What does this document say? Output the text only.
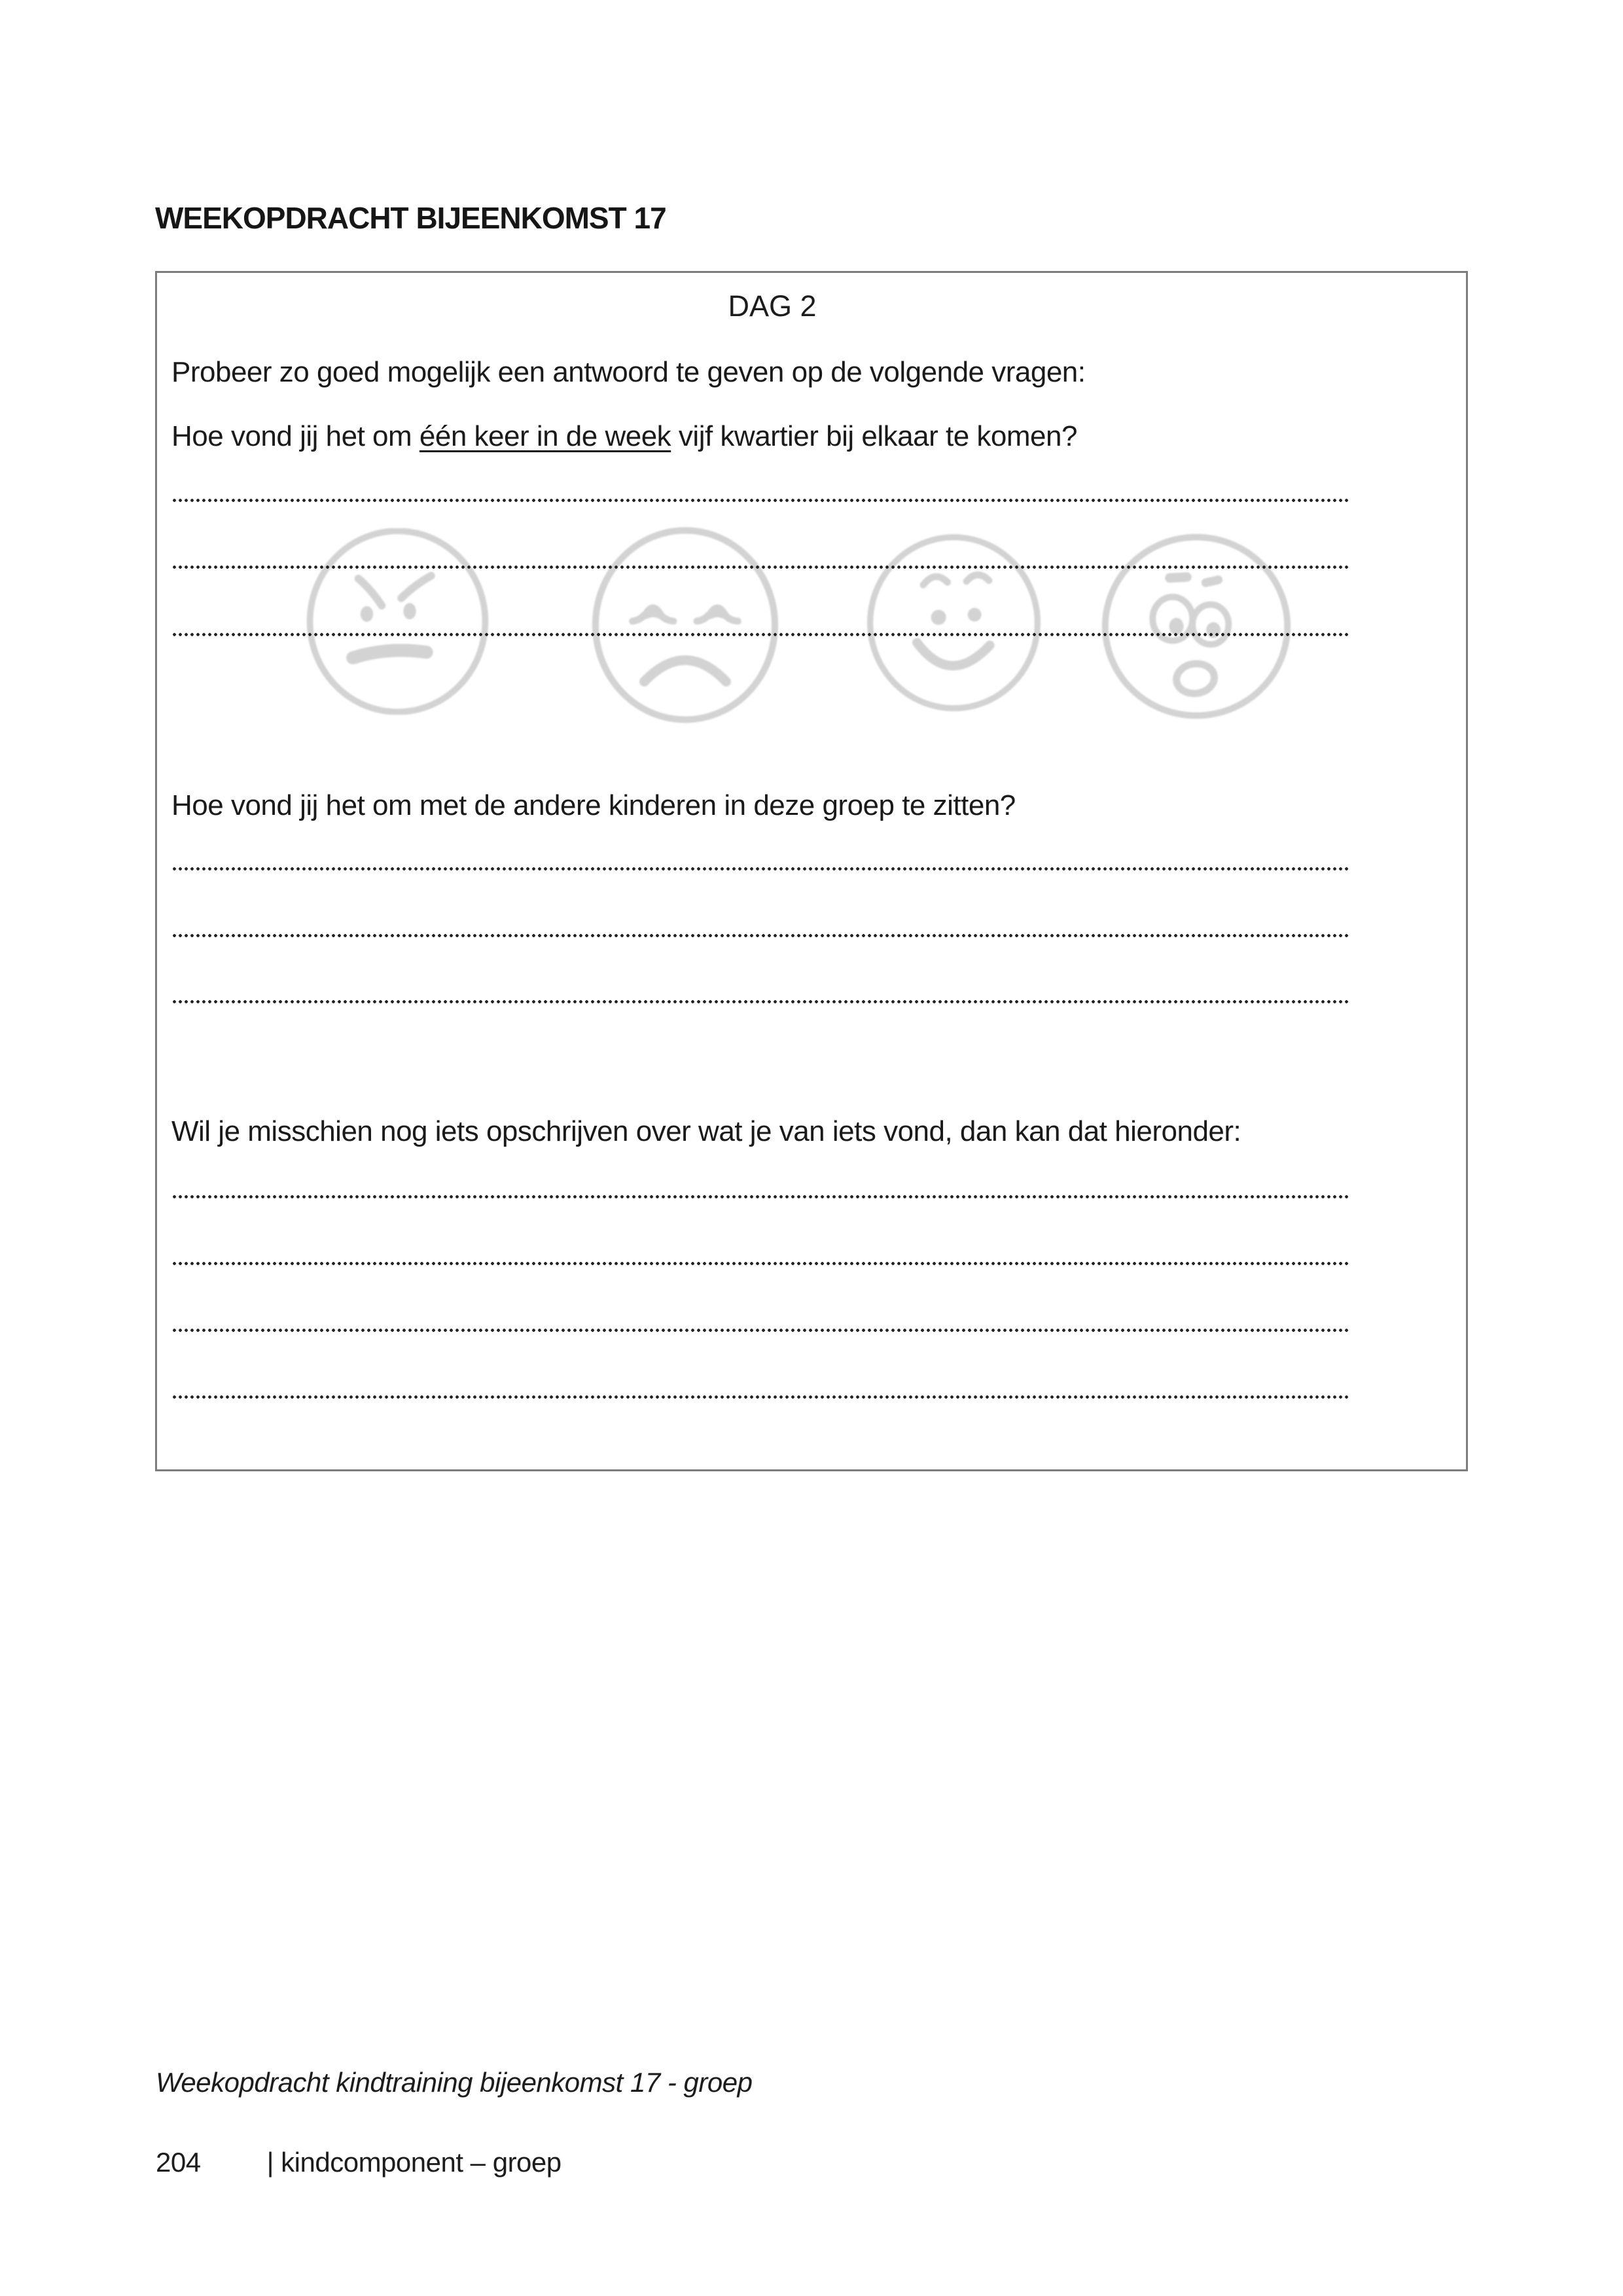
WEEKOPDRACHT BIJEENKOMST 17
DAG 2
Probeer zo goed mogelijk een antwoord te geven op de volgende vragen:
Hoe vond jij het om één keer in de week vijf kwartier bij elkaar te komen?
Hoe vond jij het om met de andere kinderen in deze groep te zitten?
Wil je misschien nog iets opschrijven over wat je van iets vond, dan kan dat hieronder:
Weekopdracht kindtraining bijeenkomst 17 - groep
204 | kindcomponent – groep
